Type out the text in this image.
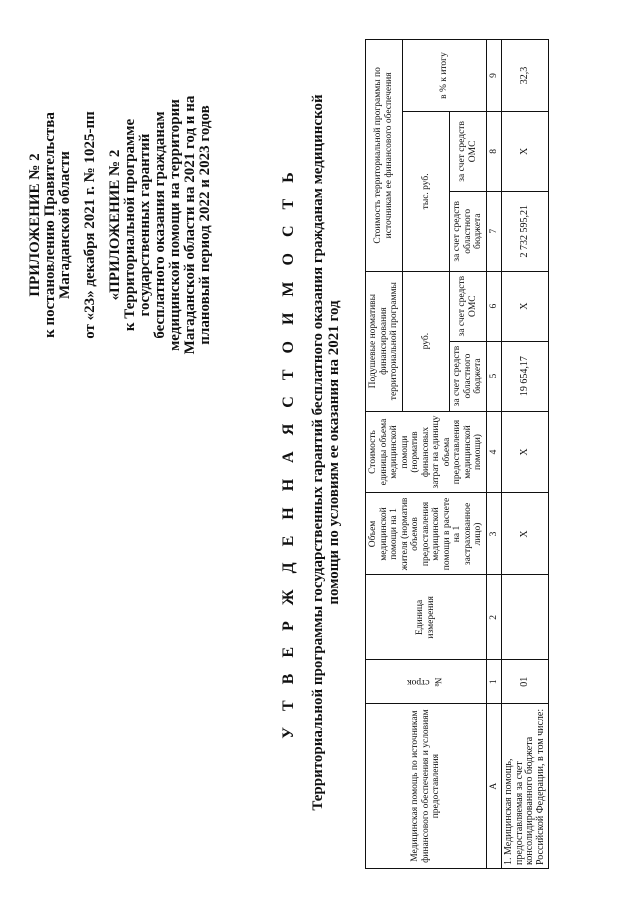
ПРИЛОЖЕНИЕ № 2 к постановлению Правительства Магаданской области от «23» декабря 2021 г. № 1025-пп «ПРИЛОЖЕНИЕ № 2 к Территориальной программе государственных гарантий бесплатного оказания гражданам медицинской помощи на территории Магаданской области на 2021 год и на плановый период 2022 и 2023 годов	У Т В Е Р Ж Д Е Н Н А Я С Т О И М О С Т Ь Территориальной программы государственных гарантий бесплатного оказания гражданам медицинской помощи по условиям ее оказания на 2021 год
Медицинская помощь по источникам финансового обеспечения и условиям предоставления	№ строк	Единица измерения	Объем медицинской помощи на 1 жителя (норматив объемов предоставления медицинской помощи в расчете на 1 застрахованное лицо)	Стоимость единицы объема медицинской помощи (норматив финансовых затрат на единицу объема предоставления медицинской помощи)	Подушевые нормативы финансирования территориальной программы		Стоимость территориальной программы по источникам ее финансового обеспечения		
					руб.		тыс. руб.		в % к итогу
					за счет средств областного бюджета	за счет средств ОМС	за счет средств областного бюджета	за счет средств ОМС	
А	1	2	3	4	5	6	7	8	9
1. Медицинская помощь, предоставляемая за счет консолидированного бюджета Российской Федерации, в том числе:	01		X	X	19 654,17	X	2 732 595,21	X	32,3
